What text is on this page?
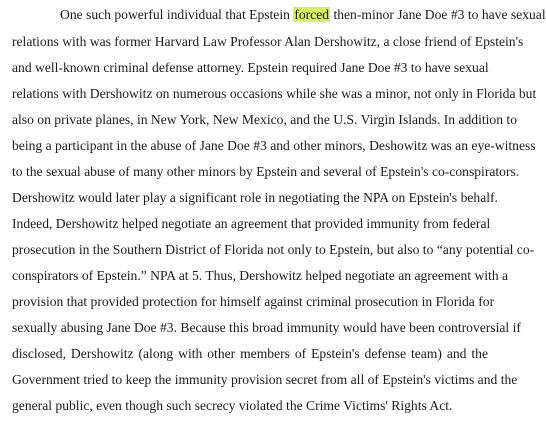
One such powerful individual that Epstein forced then-minor Jane Doe #3 to have sexual
relations with was former Harvard Law Professor Alan Dershowitz, a close friend of Epstein's
and well-known criminal defense attorney. Epstein required Jane Doe #3 to have sexual
relations with Dershowitz on numerous occasions while she was a minor, not only in Florida but
also on private planes, in New York, New Mexico, and the U.S. Virgin Islands. In addition to
being a participant in the abuse of Jane Doe #3 and other minors, Deshowitz was an eye-witness
to the sexual abuse of many other minors by Epstein and several of Epstein's co-conspirators.
Dershowitz would later play a significant role in negotiating the NPA on Epstein's behalf.
Indeed, Dershowitz helped negotiate an agreement that provided immunity from federal
prosecution in the Southern District of Florida not only to Epstein, but also to “any potential co-
conspirators of Epstein.” NPA at 5. Thus, Dershowitz helped negotiate an agreement with a
provision that provided protection for himself against criminal prosecution in Florida for
sexually abusing Jane Doe #3. Because this broad immunity would have been controversial if
disclosed, Dershowitz (along with other members of Epstein's defense team) and the
Government tried to keep the immunity provision secret from all of Epstein's victims and the
general public, even though such secrecy violated the Crime Victims' Rights Act.
